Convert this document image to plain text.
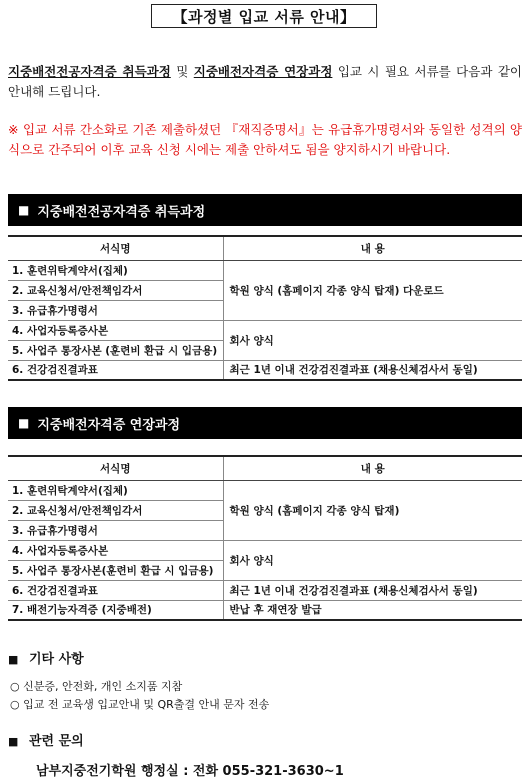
【과정별 입교 서류 안내】
지중배전전공자격증 취득과정 및 지중배전자격증 연장과정 입교 시 필요 서류를 다음과 같이 안내해 드립니다.
※ 입교 서류 간소화로 기존 제출하셨던 『재직증명서』는 유급휴가명령서와 동일한 성격의 양식으로 간주되어 이후 교육 신청 시에는 제출 안하셔도 됨을 양지하시기 바랍니다.
■ 지중배전전공자격증 취득과정
서식명	내 용
1. 훈련위탁계약서(집체)	학원 양식 (홈페이지 각종 양식 탑재) 다운로드
2. 교육신청서/안전책임각서	
3. 유급휴가명령서	
4. 사업자등록증사본	회사 양식
5. 사업주 통장사본 (훈련비 환급 시 입금용)	
6. 건강검진결과표	최근 1년 이내 건강검진결과표 (채용신체검사서 동일)
■ 지중배전자격증 연장과정
서식명	내 용
1. 훈련위탁계약서(집체)	학원 양식 (홈페이지 각종 양식 탑재)
2. 교육신청서/안전책임각서	
3. 유급휴가명령서	
4. 사업자등록증사본	회사 양식
5. 사업주 통장사본(훈련비 환급 시 입금용)	
6. 건강검진결과표	최근 1년 이내 건강검진결과표 (채용신체검사서 동일)
7. 배전기능자격증 (지중배전)	반납 후 재연장 발급
■ 기타 사항
○ 신분증, 안전화, 개인 소지품 지참
○ 입교 전 교육생 입교안내 및 QR출결 안내 문자 전송
■ 관련 문의
남부지중전기학원 행정실 : 전화 055-321-3630~1
